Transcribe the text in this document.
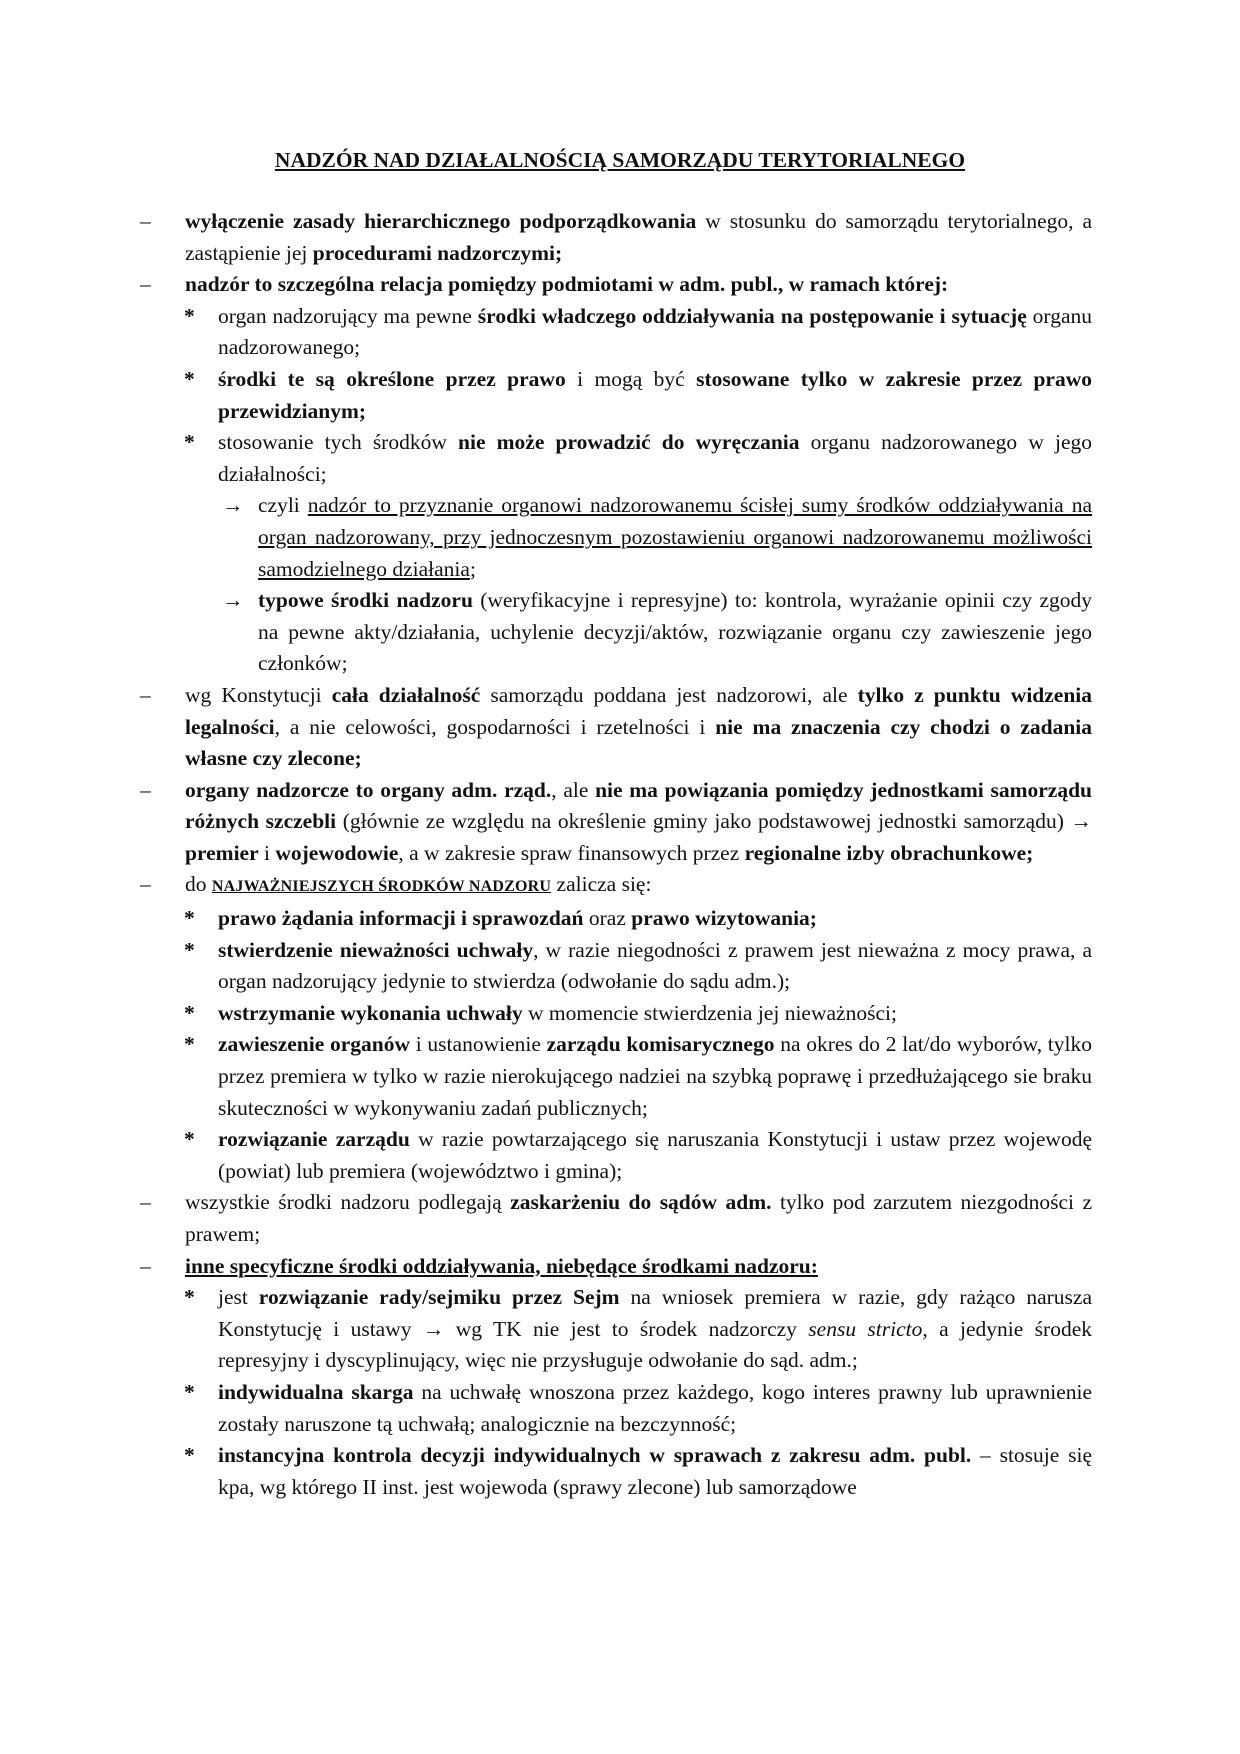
NADZÓR NAD DZIAŁALNOŚCIĄ SAMORZĄDU TERYTORIALNEGO
– wyłączenie zasady hierarchicznego podporządkowania w stosunku do samorządu terytorialnego, a zastąpienie jej procedurami nadzorczymi;
– nadzór to szczególna relacja pomiędzy podmiotami w adm. publ., w ramach której:
* organ nadzorujący ma pewne środki władczego oddziaływania na postępowanie i sytuację organu nadzorowanego;
* środki te są określone przez prawo i mogą być stosowane tylko w zakresie przez prawo przewidzianym;
* stosowanie tych środków nie może prowadzić do wyręczania organu nadzorowanego w jego działalności;
→ czyli nadzór to przyznanie organowi nadzorowanemu ścisłej sumy środków oddziaływania na organ nadzorowany, przy jednoczesnym pozostawieniu organowi nadzorowanemu możliwości samodzielnego działania;
→ typowe środki nadzoru (weryfikacyjne i represyjne) to: kontrola, wyrażanie opinii czy zgody na pewne akty/działania, uchylenie decyzji/aktów, rozwiązanie organu czy zawieszenie jego członków;
– wg Konstytucji cała działalność samorządu poddana jest nadzorowi, ale tylko z punktu widzenia legalności, a nie celowości, gospodarności i rzetelności i nie ma znaczenia czy chodzi o zadania własne czy zlecone;
– organy nadzorcze to organy adm. rząd., ale nie ma powiązania pomiędzy jednostkami samorządu różnych szczebli (głównie ze względu na określenie gminy jako podstawowej jednostki samorządu) → premier i wojewodowie, a w zakresie spraw finansowych przez regionalne izby obrachunkowe;
– do NAJWAŻNIEJSZYCH ŚRODKÓW NADZORU zalicza się:
* prawo żądania informacji i sprawozdań oraz prawo wizytowania;
* stwierdzenie nieważności uchwały, w razie niegodności z prawem jest nieważna z mocy prawa, a organ nadzorujący jedynie to stwierdza (odwołanie do sądu adm.);
* wstrzymanie wykonania uchwały w momencie stwierdzenia jej nieważności;
* zawieszenie organów i ustanowienie zarządu komisarycznego na okres do 2 lat/do wyborów, tylko przez premiera w tylko w razie nierokującego nadziei na szybką poprawę i przedłużającego sie braku skuteczności w wykonywaniu zadań publicznych;
* rozwiązanie zarządu w razie powtarzającego się naruszania Konstytucji i ustaw przez wojewodę (powiat) lub premiera (województwo i gmina);
– wszystkie środki nadzoru podlegają zaskarżeniu do sądów adm. tylko pod zarzutem niezgodności z prawem;
– inne specyficzne środki oddziaływania, niebędące środkami nadzoru:
* jest rozwiązanie rady/sejmiku przez Sejm na wniosek premiera w razie, gdy rażąco narusza Konstytucję i ustawy → wg TK nie jest to środek nadzorczy sensu stricto, a jedynie środek represyjny i dyscyplinujący, więc nie przysługuje odwołanie do sąd. adm.;
* indywidualna skarga na uchwałę wnoszona przez każdego, kogo interes prawny lub uprawnienie zostały naruszone tą uchwałą; analogicznie na bezczynność;
* instancyjna kontrola decyzji indywidualnych w sprawach z zakresu adm. publ. – stosuje się kpa, wg którego II inst. jest wojewoda (sprawy zlecone) lub samorządowe
